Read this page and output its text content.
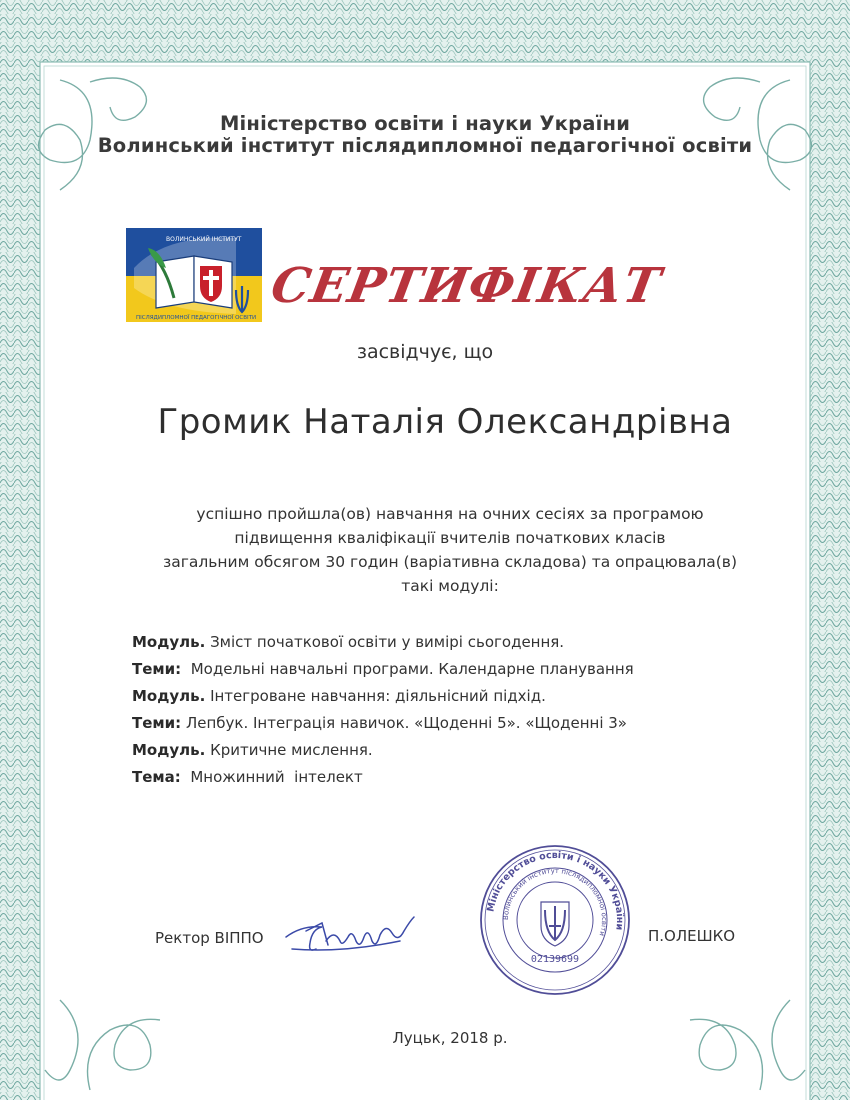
Міністерство освіти і науки України
Волинський інститут післядипломної педагогічної освіти
ВОЛИНСЬКИЙ ІНСТИТУТ
ПІСЛЯДИПЛОМНОЇ ПЕДАГОГІЧНОЇ ОСВІТИ
СЕРТИФІКАТ
засвідчує, що
Громик Наталія Олександрівна
успішно пройшла(ов) навчання на очних сесіях за програмою
підвищення кваліфікації вчителів початкових класів
загальним обсягом 30 годин (варіативна складова) та опрацювала(в)
такі модулі:
Модуль. Зміст початкової освіти у вимірі сьогодення.
Теми:  Модельні навчальні програми. Календарне планування
Модуль. Інтегроване навчання: діяльнісний підхід.
Теми: Лепбук. Інтеграція навичок. «Щоденні 5». «Щоденні 3»
Модуль. Критичне мислення.
Тема:  Множинний  інтелект
Ректор ВІППО
Міністерство освіти і науки України
Волинський інститут післядипломної освіти
02139699
П.ОЛЕШКО
Луцьк, 2018 р.
